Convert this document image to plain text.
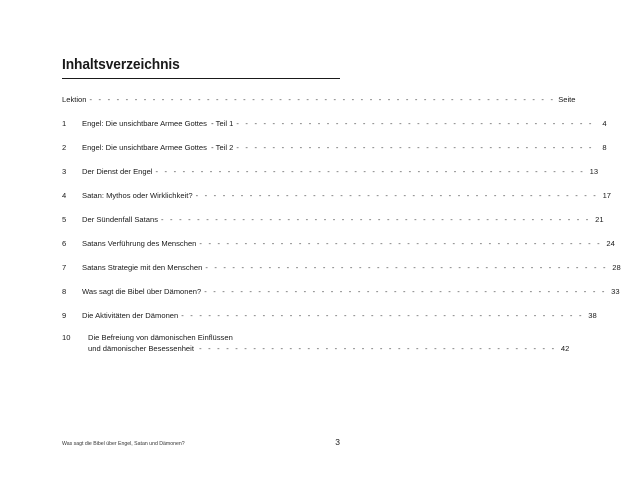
Inhaltsverzeichnis
Lektion - - - - - - - - - - - - - - - - - - - - - - - - - - - - - - - - - - - - - - - - - - - - - - - - - - - - Seite
1	Engel: Die unsichtbare Armee Gottes  - Teil 1 - - - - - - - - - - - - - - - - - - - - - - - - - - - - - - - - - - - - - - - -	4
2	Engel: Die unsichtbare Armee Gottes  - Teil 2 - - - - - - - - - - - - - - - - - - - - - - - - - - - - - - - - - - - - - - - -	8
3	Der Dienst der Engel - - - - - - - - - - - - - - - - - - - - - - - - - - - - - - - - - - - - - - - - - - - - - - - - 13
4	Satan: Mythos oder Wirklichkeit? - - - - - - - - - - - - - - - - - - - - - - - - - - - - - - - - - - - - - - - - - - - - - 17
5	Der Sündenfall Satans - - - - - - - - - - - - - - - - - - - - - - - - - - - - - - - - - - - - - - - - - - - - - - - - 21
6	Satans Verführung des Menschen - - - - - - - - - - - - - - - - - - - - - - - - - - - - - - - - - - - - - - - - - - - - - 24
7	Satans Strategie mit den Menschen - - - - - - - - - - - - - - - - - - - - - - - - - - - - - - - - - - - - - - - - - - - - - 28
8	Was sagt die Bibel über Dämonen? - - - - - - - - - - - - - - - - - - - - - - - - - - - - - - - - - - - - - - - - - - - - - 33
9	Die Aktivitäten der Dämonen - - - - - - - - - - - - - - - - - - - - - - - - - - - - - - - - - - - - - - - - - - - - - 38
10	Die Befreiung von dämonischen Einflüssen
und dämonischer Besessenheit - - - - - - - - - - - - - - - - - - - - - - - - - - - - - - - - - - - - - - - - 42
Was sagt die Bibel über Engel, Satan und Dämonen?	3
